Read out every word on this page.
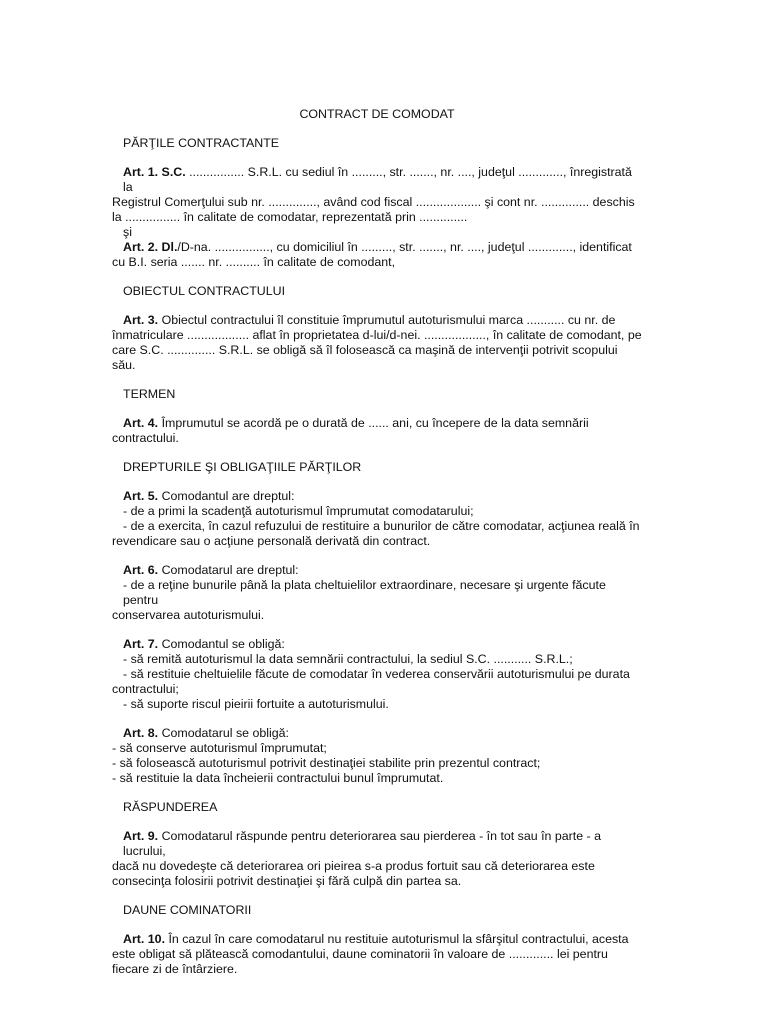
CONTRACT DE COMODAT
PĂRŢILE CONTRACTANTE
Art. 1. S.C. ................ S.R.L. cu sediul în ........., str. ......., nr. ...., judeţul ............., înregistrată la
Registrul Comerţului sub nr. .............., având cod fiscal ................... şi cont nr. .............. deschis
la ................ în calitate de comodatar, reprezentată prin ..............
şi
Art. 2. Dl./D-na. ................, cu domiciliul în ........., str. ......., nr. ...., judeţul ............., identificat
cu B.I. seria ....... nr. .......... în calitate de comodant,
OBIECTUL CONTRACTULUI
Art. 3. Obiectul contractului îl constituie împrumutul autoturismului marca ........... cu nr. de
înmatriculare .................. aflat în proprietatea d-lui/d-nei. .................., în calitate de comodant, pe
care S.C. .............. S.R.L. se obligă să îl folosească ca maşină de intervenţii potrivit scopului său.
TERMEN
Art. 4. Împrumutul se acordă pe o durată de ...... ani, cu începere de la data semnării
contractului.
DREPTURILE ŞI OBLIGAŢIILE PĂRŢILOR
Art. 5. Comodantul are dreptul:
- de a primi la scadenţă autoturismul împrumutat comodatarului;
- de a exercita, în cazul refuzului de restituire a bunurilor de către comodatar, acţiunea reală în
revendicare sau o acţiune personală derivată din contract.
Art. 6. Comodatarul are dreptul:
- de a reţine bunurile până la plata cheltuielilor extraordinare, necesare şi urgente făcute pentru
conservarea autoturismului.
Art. 7. Comodantul se obligă:
- să remită autoturismul la data semnării contractului, la sediul S.C. ........... S.R.L.;
- să restituie cheltuielile făcute de comodatar în vederea conservării autoturismului pe durata
contractului;
- să suporte riscul pieirii fortuite a autoturismului.
Art. 8. Comodatarul se obligă:
- să conserve autoturismul împrumutat;
- să folosească autoturismul potrivit destinaţiei stabilite prin prezentul contract;
- să restituie la data încheierii contractului bunul împrumutat.
RĂSPUNDEREA
Art. 9. Comodatarul răspunde pentru deteriorarea sau pierderea - în tot sau în parte - a lucrului,
dacă nu dovedeşte că deteriorarea ori pieirea s-a produs fortuit sau că deteriorarea este
consecinţa folosirii potrivit destinaţiei şi fără culpă din partea sa.
DAUNE COMINATORII
Art. 10. În cazul în care comodatarul nu restituie autoturismul la sfârşitul contractului, acesta
este obligat să plătească comodantului, daune cominatorii în valoare de ............. lei pentru
fiecare zi de întârziere.
